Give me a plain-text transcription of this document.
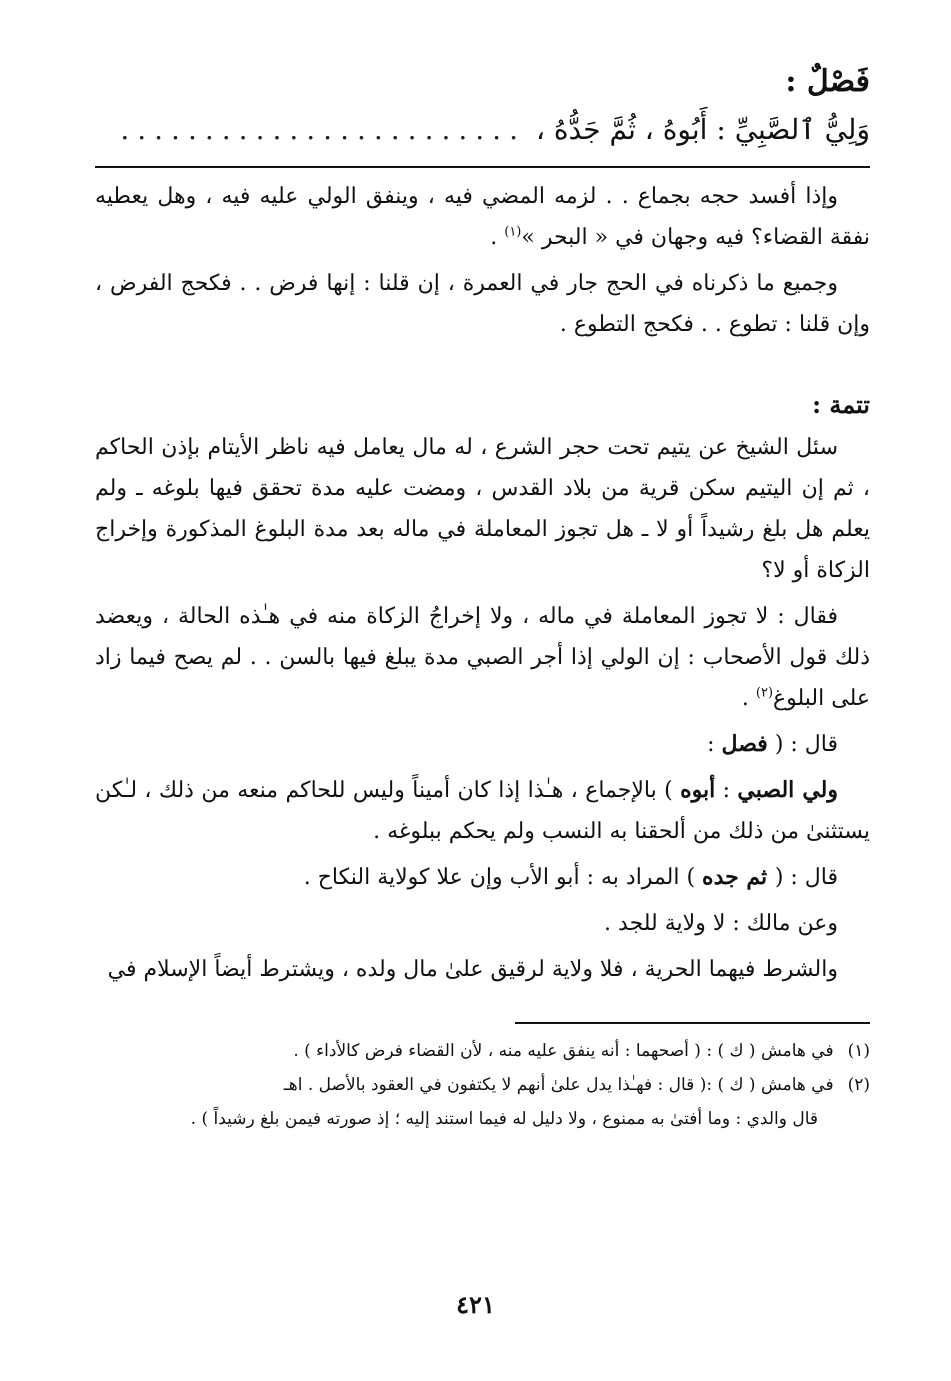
فَصْلٌ :
وَلِيُّ ٱلصَّبِيِّ : أَبُوهُ ، ثُمَّ جَدُّهُ ،
........................

وإذا أفسد حجه بجماع . . لزمه المضي فيه ، وينفق الولي عليه فيه ، وهل يعطيه نفقة القضاء؟ فيه وجهان في « البحر »$^{(١)}$ .

وجميع ما ذكرناه في الحج جار في العمرة ، إن قلنا : إنها فرض . . فكحج الفرض ، وإن قلنا : تطوع . . فكحج التطوع .

تتمة :

سئل الشيخ عن يتيم تحت حجر الشرع ، له مال يعامل فيه ناظر الأيتام بإذن الحاكم ، ثم إن اليتيم سكن قرية من بلاد القدس ، ومضت عليه مدة تحقق فيها بلوغه ـ ولم يعلم هل بلغ رشيداً أو لا ـ هل تجوز المعاملة في ماله بعد مدة البلوغ المذكورة وإخراج الزكاة أو لا؟

فقال : لا تجوز المعاملة في ماله ، ولا إخراجُ الزكاة منه في هـٰذه الحالة ، ويعضد ذلك قول الأصحاب : إن الولي إذا أجر الصبي مدة يبلغ فيها بالسن . . لم يصح فيما زاد على البلوغ$^{(٢)}$ .

قال : ( فصل :

ولي الصبي : أبوه ) بالإجماع ، هـٰذا إذا كان أميناً وليس للحاكم منعه من ذلك ، لـٰكن يستثنىٰ من ذلك من ألحقنا به النسب ولم يحكم ببلوغه .

قال : ( ثم جده ) المراد به : أبو الأب وإن علا كولاية النكاح .

وعن مالك : لا ولاية للجد .

والشرط فيهما الحرية ، فلا ولاية لرقيق علىٰ مال ولده ، ويشترط أيضاً الإسلام في

(١)
في هامش ( ك ) : ( أصحهما : أنه ينفق عليه منه ، لأن القضاء فرض كالأداء ) .
(٢)
في هامش ( ك ) :( قال : فهـٰذا يدل علىٰ أنهم لا يكتفون في العقود بالأصل . اهـ
قال والدي : وما أفتىٰ به ممنوع ، ولا دليل له فيما استند إليه ؛ إذ صورته فيمن بلغ رشيداً ) .
٤٢١
